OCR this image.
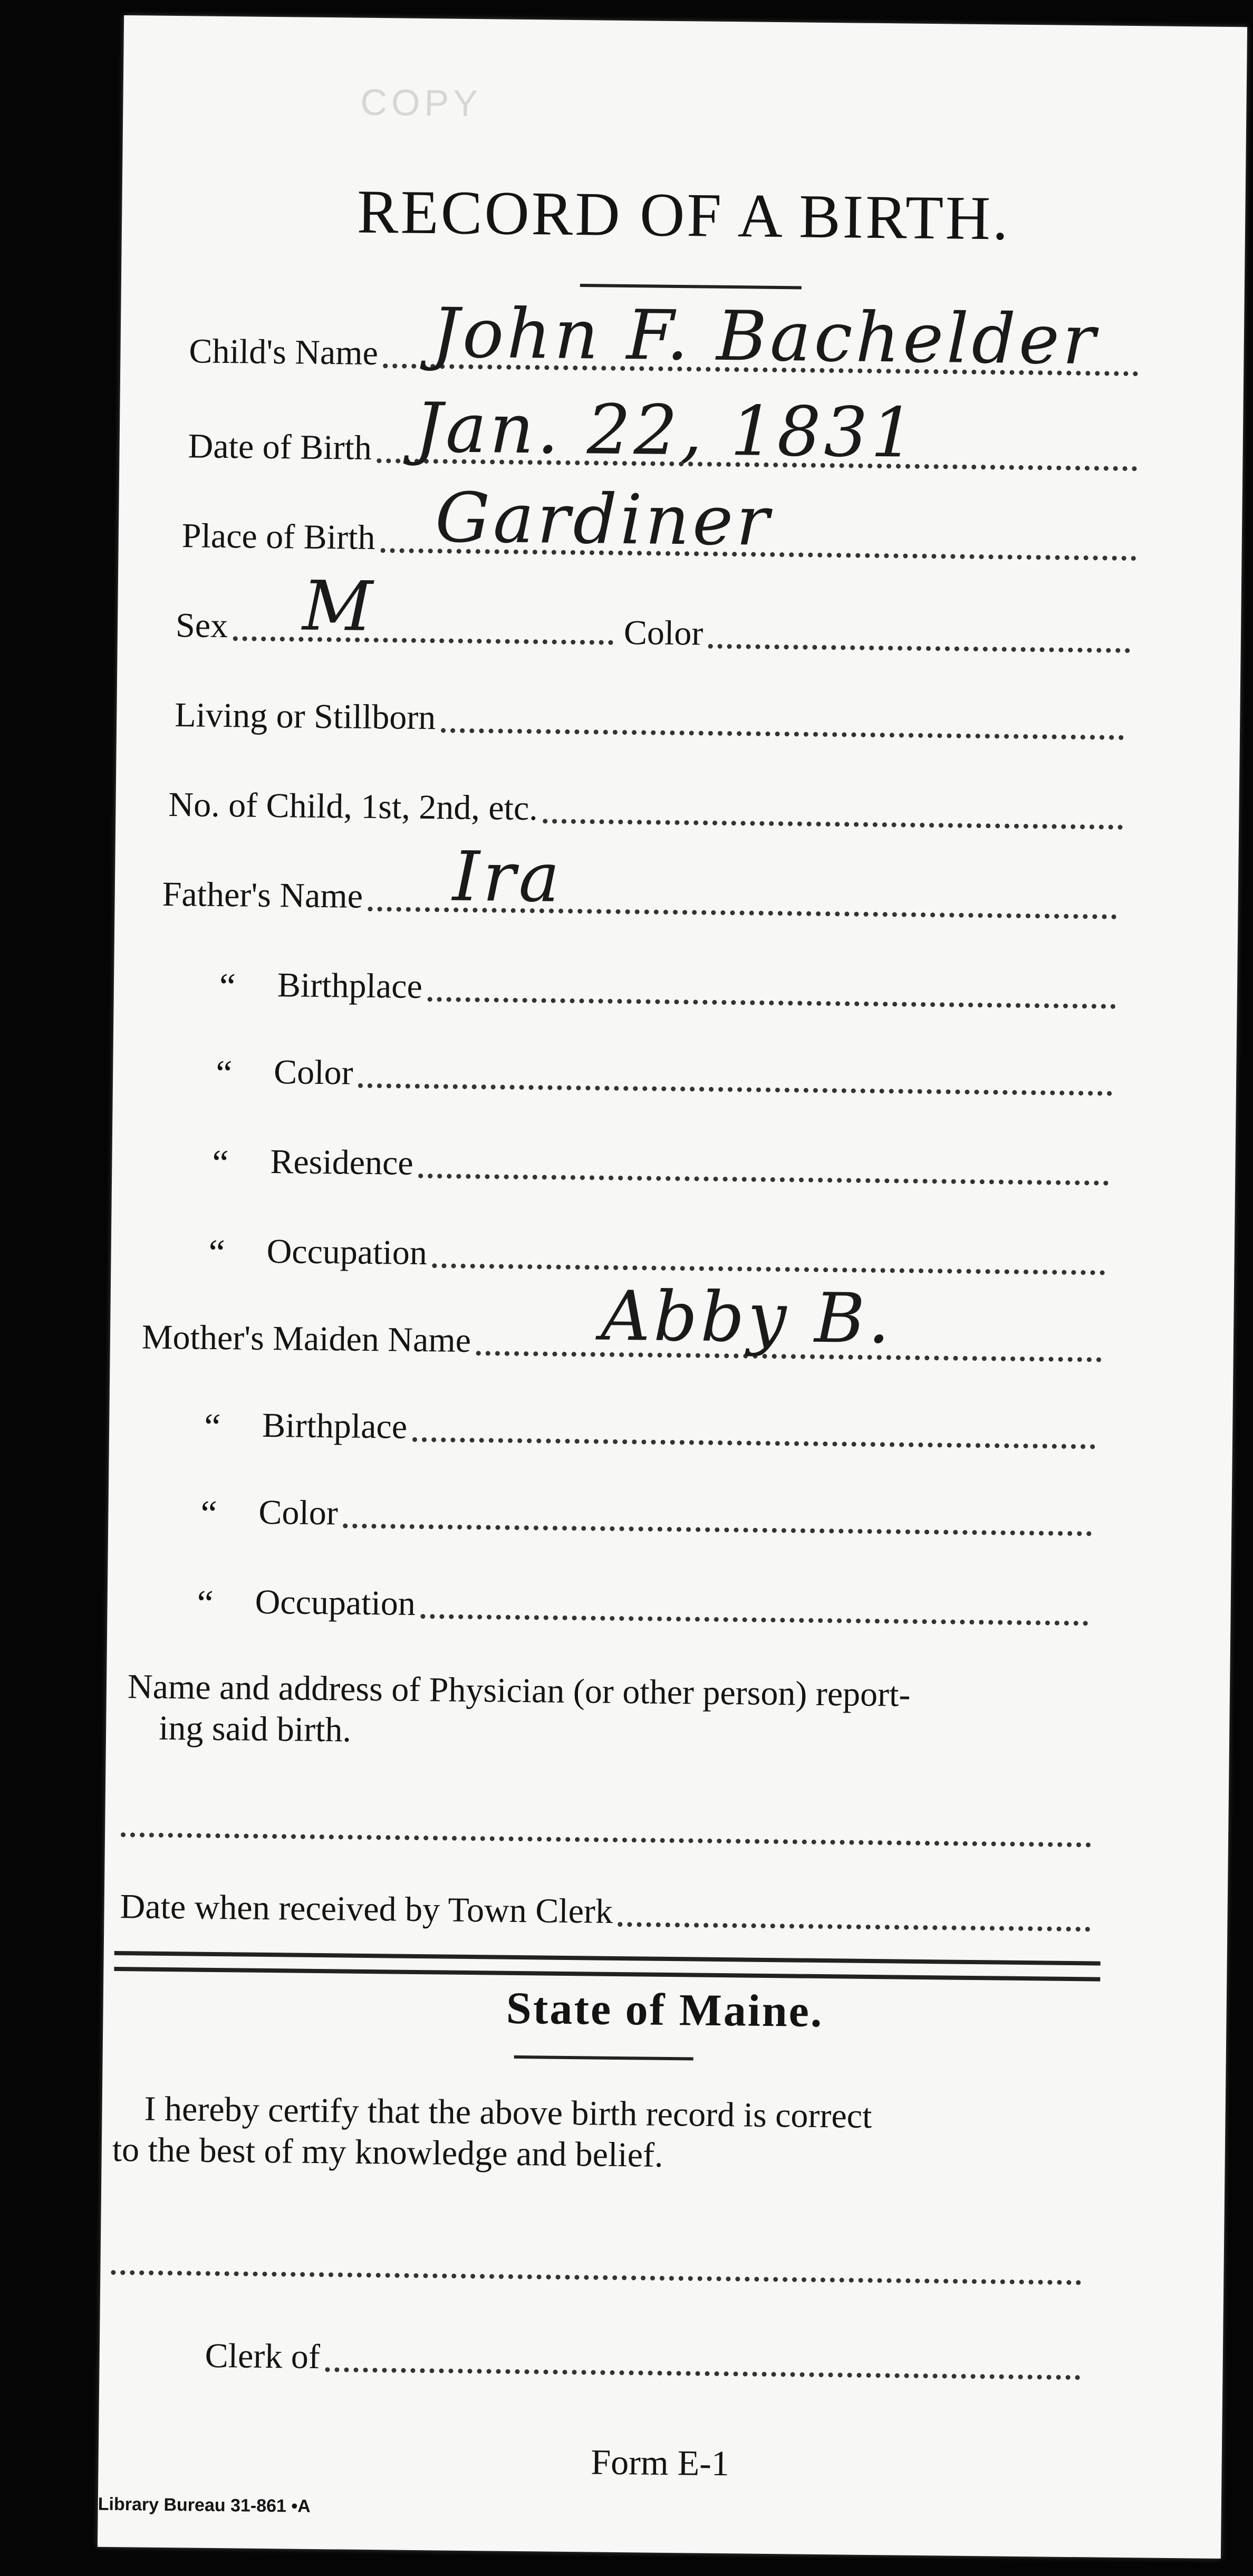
COPY
RECORD OF A BIRTH.
Child's Name John F. Bachelder
Date of Birth Jan. 22, 1831
Place of Birth Gardiner
Sex M	Color
Living or Stillborn
No. of Child, 1st, 2nd, etc.
Father's Name Ira
“	Birthplace
“	Color
“	Residence
“	Occupation
Mother's Maiden Name Abby B.
“	Birthplace
“	Color
“	Occupation
Name and address of Physician (or other person) report-
ing said birth.
Date when received by Town Clerk
State of Maine.
I hereby certify that the above birth record is correct
to the best of my knowledge and belief.
Clerk of
Form E-1
Library Bureau 31-861 •A
